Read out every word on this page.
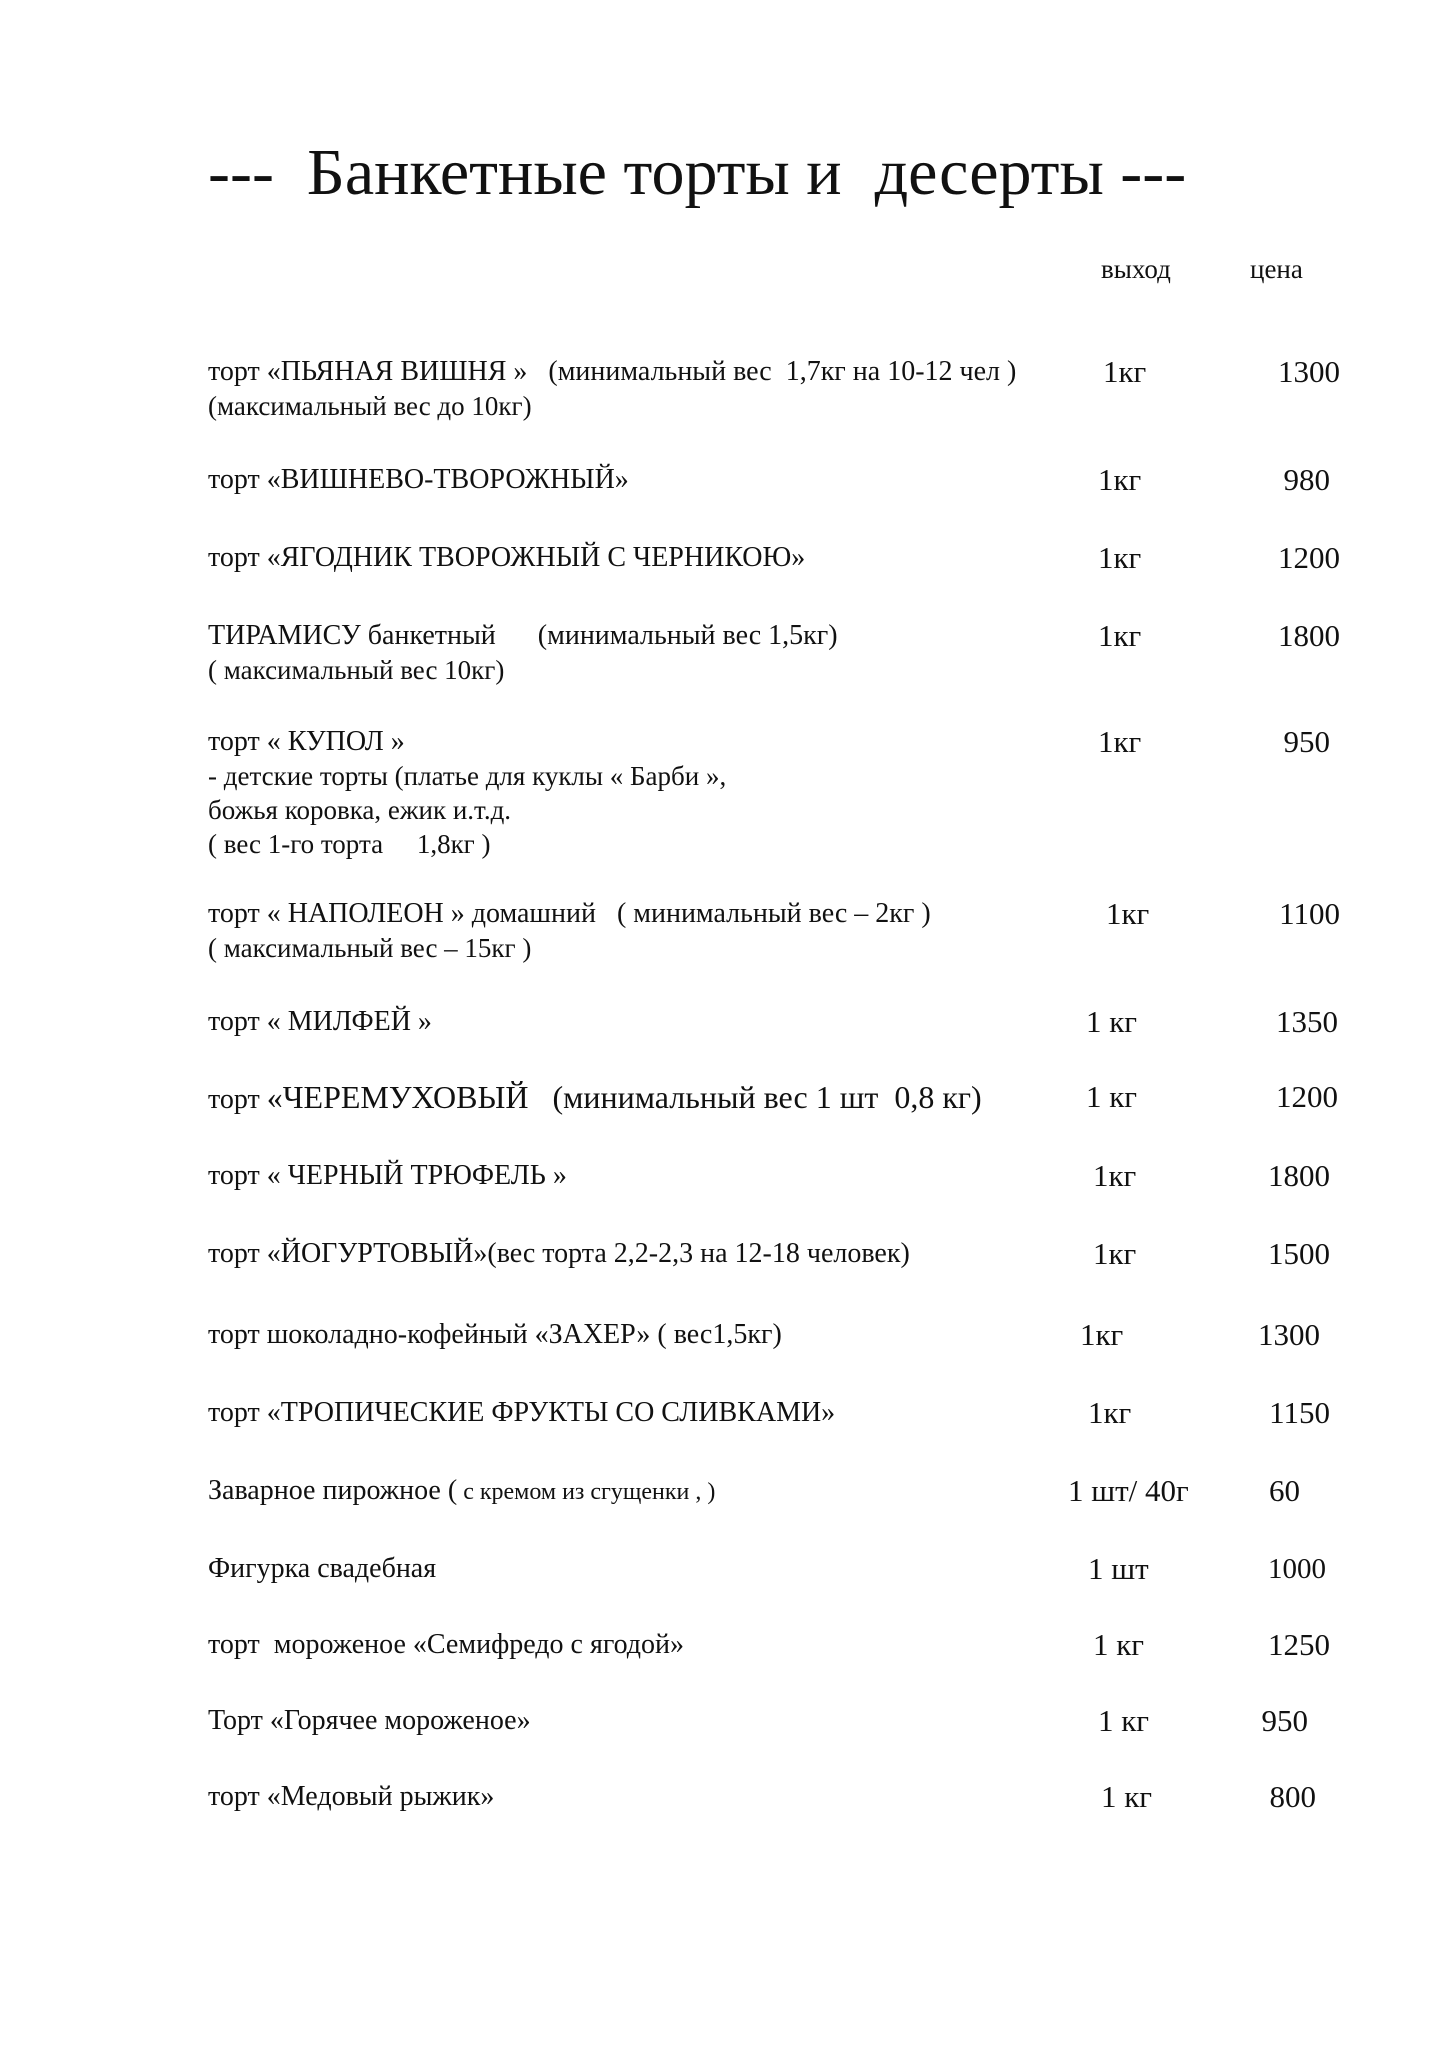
---  Банкетные торты и  десерты ---
выход	цена
торт «ПЬЯНАЯ ВИШНЯ »   (минимальный вес  1,7кг на 10-12 чел )
(максимальный вес до 10кг)
1кг	1300
торт «ВИШНЕВО-ТВОРОЖНЫЙ»	1кг	980
торт «ЯГОДНИК ТВОРОЖНЫЙ С ЧЕРНИКОЮ»	1кг	1200
ТИРАМИСУ банкетный      (минимальный вес 1,5кг)
( максимальный вес 10кг)
1кг	1800
торт « КУПОЛ »
- детские торты (платье для куклы « Барби »,
божья коровка, ежик и.т.д.
( вес 1-го торта     1,8кг )
1кг	950
торт « НАПОЛЕОН » домашний   ( минимальный вес – 2кг )
( максимальный вес – 15кг )
1кг	1100
торт « МИЛФЕЙ »	1 кг	1350
торт «ЧЕРЕМУХОВЫЙ   (минимальный вес 1 шт  0,8 кг)	1 кг	1200
торт « ЧЕРНЫЙ ТРЮФЕЛЬ »	1кг	1800
торт «ЙОГУРТОВЫЙ»(вес торта 2,2-2,3 на 12-18 человек)	1кг	1500
торт шоколадно-кофейный «ЗАХЕР» ( вес1,5кг)	1кг	1300
торт «ТРОПИЧЕСКИЕ ФРУКТЫ СО СЛИВКАМИ»	1кг	1150
Заварное пирожное ( с кремом из сгущенки , )	1 шт/ 40г	60
Фигурка свадебная	1 шт	1000
торт  мороженое «Семифредо с ягодой»	1 кг	1250
Торт «Горячее мороженое»	1 кг	950
торт «Медовый рыжик»	1 кг	800
